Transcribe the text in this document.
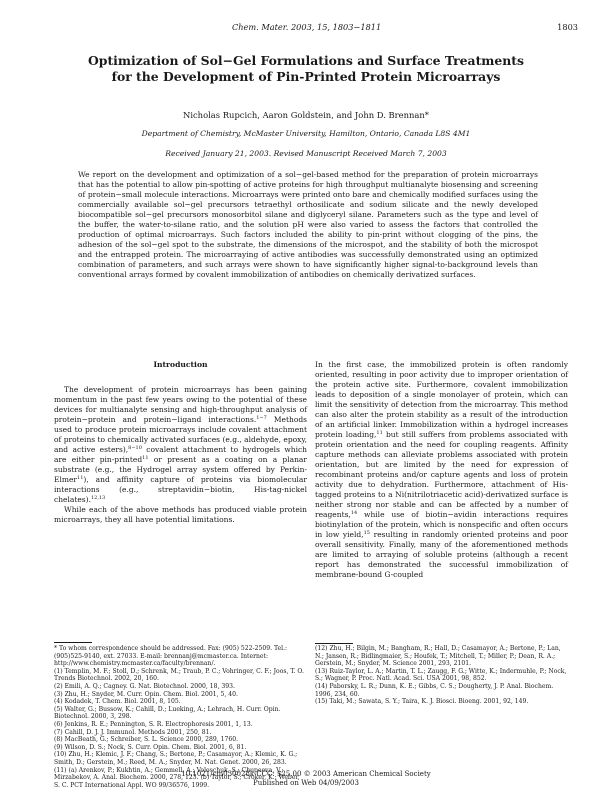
Chem. Mater. 2003, 15, 1803−1811	1803
Optimization of Sol−Gel Formulations and Surface Treatments for the Development of Pin-Printed Protein Microarrays
Nicholas Rupcich, Aaron Goldstein, and John D. Brennan*
Department of Chemistry, McMaster University, Hamilton, Ontario, Canada L8S 4M1
Received January 21, 2003. Revised Manuscript Received March 7, 2003
We report on the development and optimization of a sol−gel-based method for the preparation of protein microarrays that has the potential to allow pin-spotting of active proteins for high throughput multianalyte biosensing and screening of protein−small molecule interactions. Microarrays were printed onto bare and chemically modified surfaces using the commercially available sol−gel precursors tetraethyl orthosilicate and sodium silicate and the newly developed biocompatible sol−gel precursors monosorbitol silane and diglyceryl silane. Parameters such as the type and level of the buffer, the water-to-silane ratio, and the solution pH were also varied to assess the factors that controlled the production of optimal microarrays. Such factors included the ability to pin-print without clogging of the pins, the adhesion of the sol−gel spot to the substrate, the dimensions of the microspot, and the stability of both the microspot and the entrapped protein. The microarraying of active antibodies was successfully demonstrated using an optimized combination of parameters, and such arrays were shown to have significantly higher signal-to-background levels than conventional arrays formed by covalent immobilization of antibodies on chemically derivatized surfaces.
Introduction

The development of protein microarrays has been gaining momentum in the past few years owing to the potential of these devices for multianalyte sensing and high-throughput analysis of protein−protein and protein−ligand interactions.$^{1-7}$ Methods used to produce protein microarrays include covalent attachment of proteins to chemically activated surfaces (e.g., aldehyde, epoxy, and active esters),$^{8-10}$ covalent attachment to hydrogels which are either pin-printed$^{11}$ or present as a coating on a planar substrate (e.g., the Hydrogel array system offered by Perkin-Elmer$^{11}$), and affinity capture of proteins via biomolecular interactions (e.g., streptavidin−biotin, His-tag-nickel chelates).$^{12,13}$

While each of the above methods has produced viable protein microarrays, they all have potential limitations.

In the first case, the immobilized protein is often randomly oriented, resulting in poor activity due to improper orientation of the protein active site. Furthermore, covalent immobilization leads to deposition of a single monolayer of protein, which can limit the sensitivity of detection from the microarray. This method can also alter the protein stability as a result of the introduction of an artificial linker. Immobilization within a hydrogel increases protein loading,$^{11}$ but still suffers from problems associated with protein orientation and the need for coupling reagents. Affinity capture methods can alleviate problems associated with protein orientation, but are limited by the need for expression of recombinant proteins and/or capture agents and loss of protein activity due to dehydration. Furthermore, attachment of His-tagged proteins to a Ni(nitrilotriacetic acid)-derivatized surface is neither strong nor stable and can be affected by a number of reagents,$^{14}$ while use of biotin−avidin interactions requires biotinylation of the protein, which is nonspecific and often occurs in low yield,$^{15}$ resulting in randomly oriented proteins and poor overall sensitivity. Finally, many of the aforementioned methods are limited to arraying of soluble proteins (although a recent report has demonstrated the successful immobilization of membrane-bound G-coupled

* To whom correspondence should be addressed. Fax: (905) 522-2509. Tel.: (905)525-9140, ext. 27033. E-mail: brennanj@mcmaster.ca. Internet: http://www.chemistry.mcmaster.ca/faculty/brennan/.
(1) Templin, M. F.; Stoll, D.; Schrenk, M.; Traub, P. C.; Vohringer, C. F.; Joos, T. O. Trends Biotechnol. 2002, 20, 160.
(2) Emili, A. Q.; Cagney. G. Nat. Biotechnol. 2000, 18, 393.
(3) Zhu, H.; Snyder, M. Curr. Opin. Chem. Biol. 2001, 5, 40.
(4) Kodadek, T. Chem. Biol. 2001, 8, 105.
(5) Walter, G.; Bussow, K.; Cahill, D.; Lueking, A.; Lehrach, H. Curr. Opin. Biotechnol. 2000, 3, 298.
(6) Jenkins, R. E.; Pennington, S. R. Electrophoresis 2001, 1, 13.
(7) Cahill, D. J. J. Immunol. Methods 2001, 250, 81.
(8) MacBeath, G.; Schreiber, S. L. Science 2000, 289, 1760.
(9) Wilson, D. S.; Nock, S. Curr. Opin. Chem. Biol. 2001, 6, 81.
(10) Zhu, H.; Klemic, J. F.; Chang, S.; Bertone, P.; Casamayor, A.; Klemic, K. G.; Smith, D.; Gerstein, M.; Reed, M. A.; Snyder, M. Nat. Genet. 2000, 26, 283.
(11) (a) Arenkov, P.; Kukhtin, A.; Gemmell, A.; Voloschuk, S.; Chupeeva, V.; Mirzabekov, A. Anal. Biochem. 2000, 278, 123. (b) Taylor, S.; Croker, K.; Weber, S. C. PCT International Appl. WO 99/36576, 1999.
(12) Zhu, H.; Bilgin, M.; Bangham, R.; Hall, D.; Casamayor, A.; Bertone, P.; Lan, N.; Jansen, R.; Bidlingmaier, S.; Houfek, T.; Mitchell, T.; Miller, P.; Dean, R. A.; Gerstein, M.; Snyder, M. Science 2001, 293, 2101.
(13) Ruiz-Taylor, L. A.; Martin, T. L.; Zaugg, F. G.; Witte, K.; Indermuhle, P.; Nock, S.; Wagner, P. Proc. Natl. Acad. Sci. USA 2001, 98, 852.
(14) Paborsky, L. R.; Dunn, K. E.; Gibbs, C. S.; Dougherty, J. P. Anal. Biochem. 1996, 234, 60.
(15) Taki, M.; Sawata, S. Y.; Taira, K. J. Biosci. Bioeng. 2001, 92, 149.
10.1021/cm030028k CCC: $25.00 © 2003 American Chemical Society
Published on Web 04/09/2003
